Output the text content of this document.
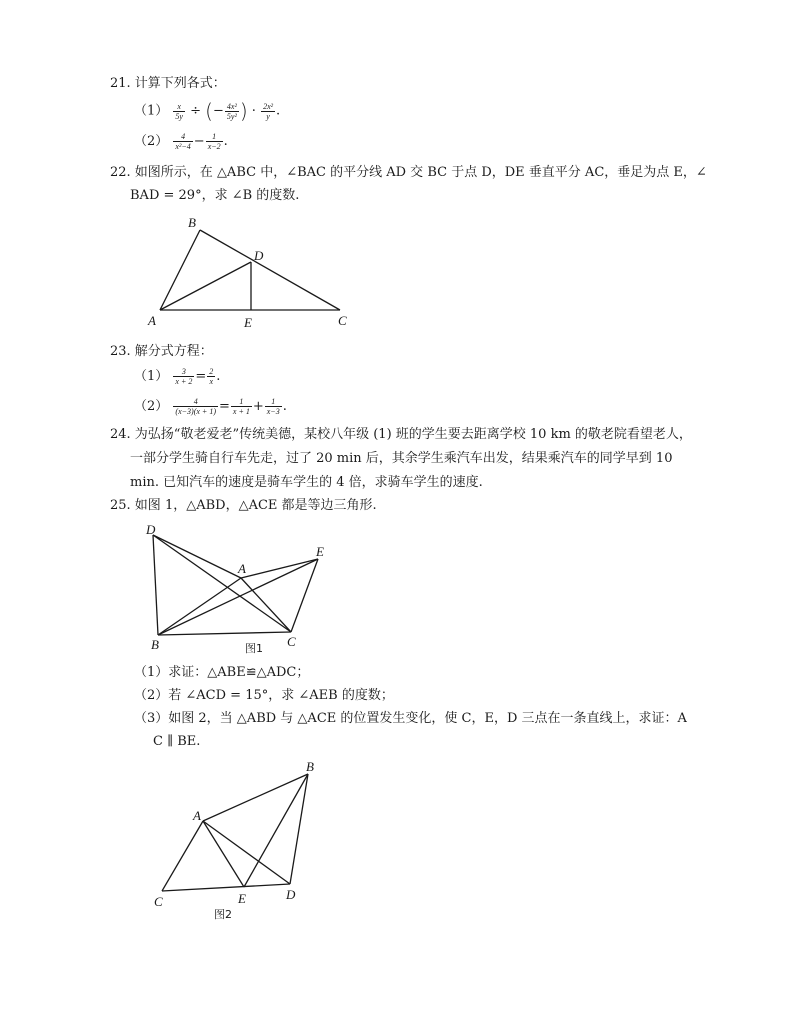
21. 计算下列各式：
$(1) \frac{x}{5y}$ ÷ (− $\frac{\text{4x²}}{\text{5y²}}$ ) · $\frac{\text{2x²}}{y}$ .
$(2) \frac{4}{\text{x²−4}} - \frac{1}{x-2}$ .
22. 如图所示，在 △ABC 中，∠BAC 的平分线 AD 交 BC 于点 D，DE 垂直平分 AC，垂足为点 E，∠
BAD = 29°，求 ∠B 的度数.
B
D
A	E	C
23. 解分式方程：
$(1) \frac{3}{x + 2} = \frac{2}{x}$ .
$(2) \frac{4}{(x-3)(x + 1)} = \frac{1}{x + 1} + \frac{1}{x-3}$ .
24. 为弘扬“敬老爱老”传统美德，某校八年级 (1) 班的学生要去距离学校 10 km 的敬老院看望老人，
一部分学生骑自行车先走，过了 20 min 后，其余学生乘汽车出发，结果乘汽车的同学早到 10
min. 已知汽车的速度是骑车学生的 4 倍，求骑车学生的速度.
25. 如图 1，△ABD，△ACE 都是等边三角形.
D
A
E
B	C
图1
（1）求证：△ABE≌△ADC；
（2）若 ∠ACD = 15°，求 ∠AEB 的度数；
（3）如图 2，当 △ABD 与 △ACE 的位置发生变化，使 C，E，D 三点在一条直线上，求证：A
C ∥ BE.
B
A
C	E	D
图2
